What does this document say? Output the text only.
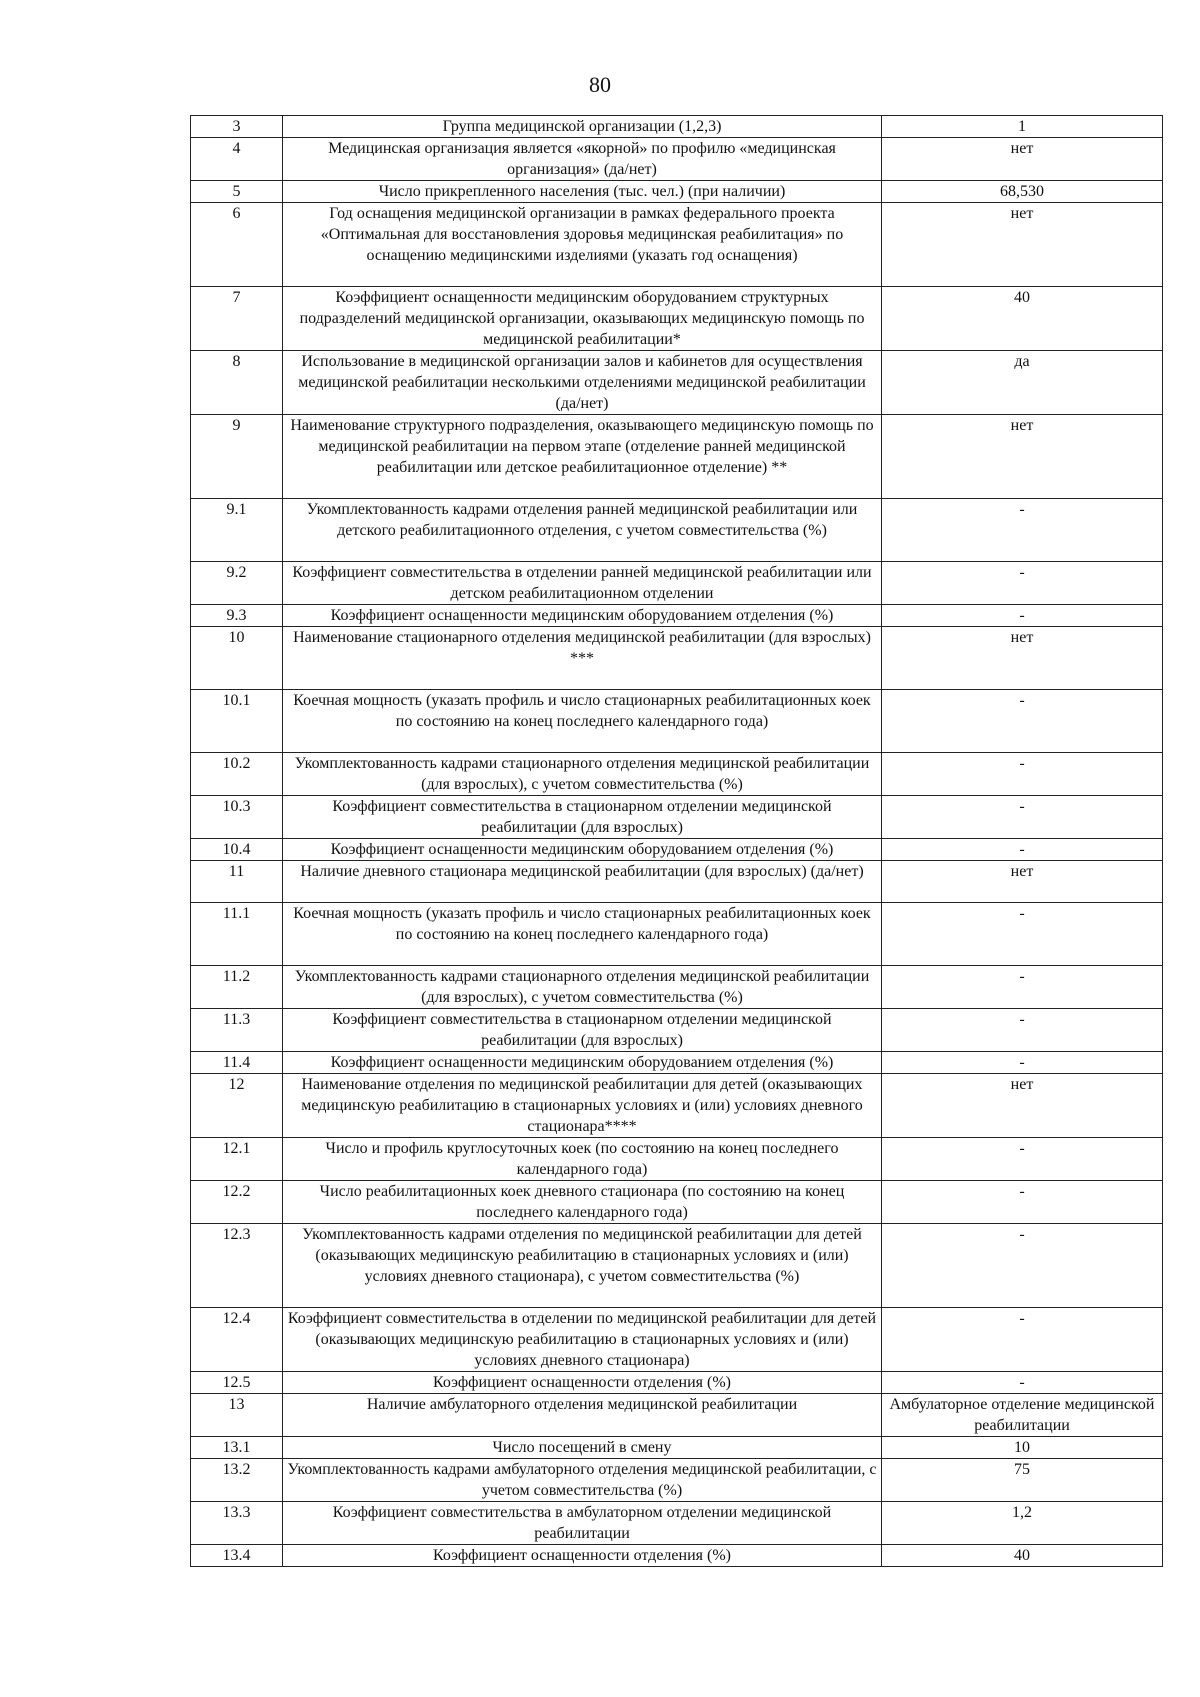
80
3	Группа медицинской организации (1,2,3)	1
4	Медицинская организация является «якорной» по профилю «медицинская организация» (да/нет)	нет
5	Число прикрепленного населения (тыс. чел.) (при наличии)	68,530
6	Год оснащения медицинской организации в рамках федерального проекта «Оптимальная для восстановления здоровья медицинская реабилитация» по оснащению медицинскими изделиями (указать год оснащения)	нет
7	Коэффициент оснащенности медицинским оборудованием структурных подразделений медицинской организации, оказывающих медицинскую помощь по медицинской реабилитации*	40
8	Использование в медицинской организации залов и кабинетов для осуществления медицинской реабилитации несколькими отделениями медицинской реабилитации (да/нет)	да
9	Наименование структурного подразделения, оказывающего медицинскую помощь по медицинской реабилитации на первом этапе (отделение ранней медицинской реабилитации или детское реабилитационное отделение) **	нет
9.1	Укомплектованность кадрами отделения ранней медицинской реабилитации или детского реабилитационного отделения, с учетом совместительства (%)	-
9.2	Коэффициент совместительства в отделении ранней медицинской реабилитации или детском реабилитационном отделении	-
9.3	Коэффициент оснащенности медицинским оборудованием отделения (%)	-
10	Наименование стационарного отделения медицинской реабилитации (для взрослых) ***	нет
10.1	Коечная мощность (указать профиль и число стационарных реабилитационных коек по состоянию на конец последнего календарного года)	-
10.2	Укомплектованность кадрами стационарного отделения медицинской реабилитации (для взрослых), с учетом совместительства (%)	-
10.3	Коэффициент совместительства в стационарном отделении медицинской реабилитации (для взрослых)	-
10.4	Коэффициент оснащенности медицинским оборудованием отделения (%)	-
11	Наличие дневного стационара медицинской реабилитации (для взрослых) (да/нет)	нет
11.1	Коечная мощность (указать профиль и число стационарных реабилитационных коек по состоянию на конец последнего календарного года)	-
11.2	Укомплектованность кадрами стационарного отделения медицинской реабилитации (для взрослых), с учетом совместительства (%)	-
11.3	Коэффициент совместительства в стационарном отделении медицинской реабилитации (для взрослых)	-
11.4	Коэффициент оснащенности медицинским оборудованием отделения (%)	-
12	Наименование отделения по медицинской реабилитации для детей (оказывающих медицинскую реабилитацию в стационарных условиях и (или) условиях дневного стационара****	нет
12.1	Число и профиль круглосуточных коек (по состоянию на конец последнего календарного года)	-
12.2	Число реабилитационных коек дневного стационара (по состоянию на конец последнего календарного года)	-
12.3	Укомплектованность кадрами отделения по медицинской реабилитации для детей (оказывающих медицинскую реабилитацию в стационарных условиях и (или) условиях дневного стационара), с учетом совместительства (%)	-
12.4	Коэффициент совместительства в отделении по медицинской реабилитации для детей (оказывающих медицинскую реабилитацию в стационарных условиях и (или) условиях дневного стационара)	-
12.5	Коэффициент оснащенности отделения (%)	-
13	Наличие амбулаторного отделения медицинской реабилитации	Амбулаторное отделение медицинской реабилитации
13.1	Число посещений в смену	10
13.2	Укомплектованность кадрами амбулаторного отделения медицинской реабилитации, с учетом совместительства (%)	75
13.3	Коэффициент совместительства в амбулаторном отделении медицинской реабилитации	1,2
13.4	Коэффициент оснащенности отделения (%)	40
